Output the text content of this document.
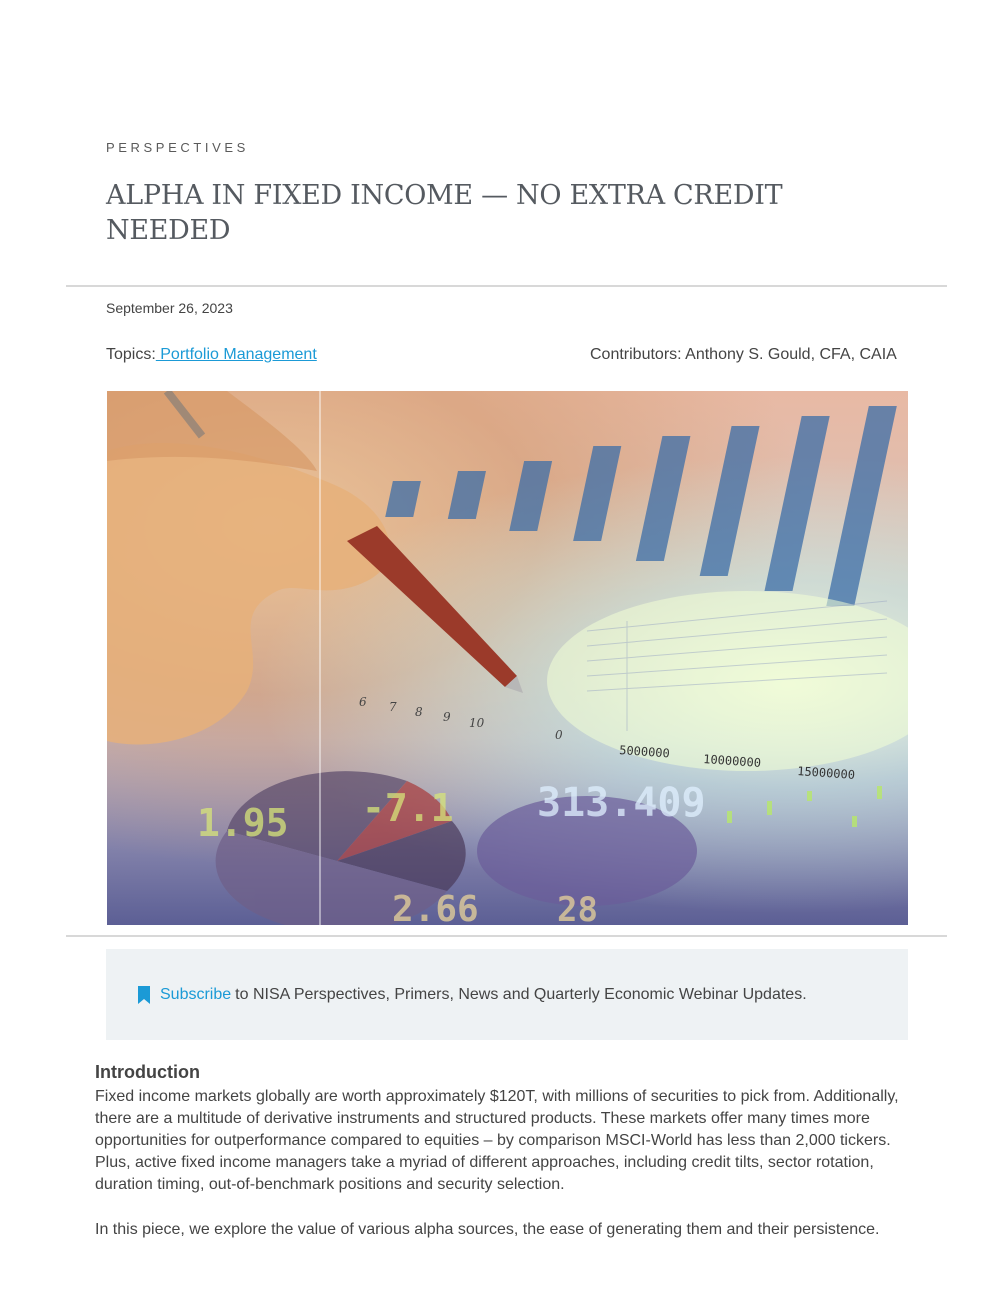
PERSPECTIVES
ALPHA IN FIXED INCOME — NO EXTRA CREDIT NEEDED
September 26, 2023
Topics: Portfolio Management	Contributors: Anthony S. Gould, CFA, CAIA
6 7 8 9 10
0
5000000
10000000
15000000
1.95 -7.1 313.409
2.66 28
Subscribe to NISA Perspectives, Primers, News and Quarterly Economic Webinar Updates.
Introduction

Fixed income markets globally are worth approximately $120T, with millions of securities to pick from. Additionally, there are a multitude of derivative instruments and structured products. These markets offer many times more opportunities for outperformance compared to equities – by comparison MSCI-World has less than 2,000 tickers. Plus, active fixed income managers take a myriad of different approaches, including credit tilts, sector rotation, duration timing, out-of-benchmark positions and security selection.

In this piece, we explore the value of various alpha sources, the ease of generating them and their persistence.
